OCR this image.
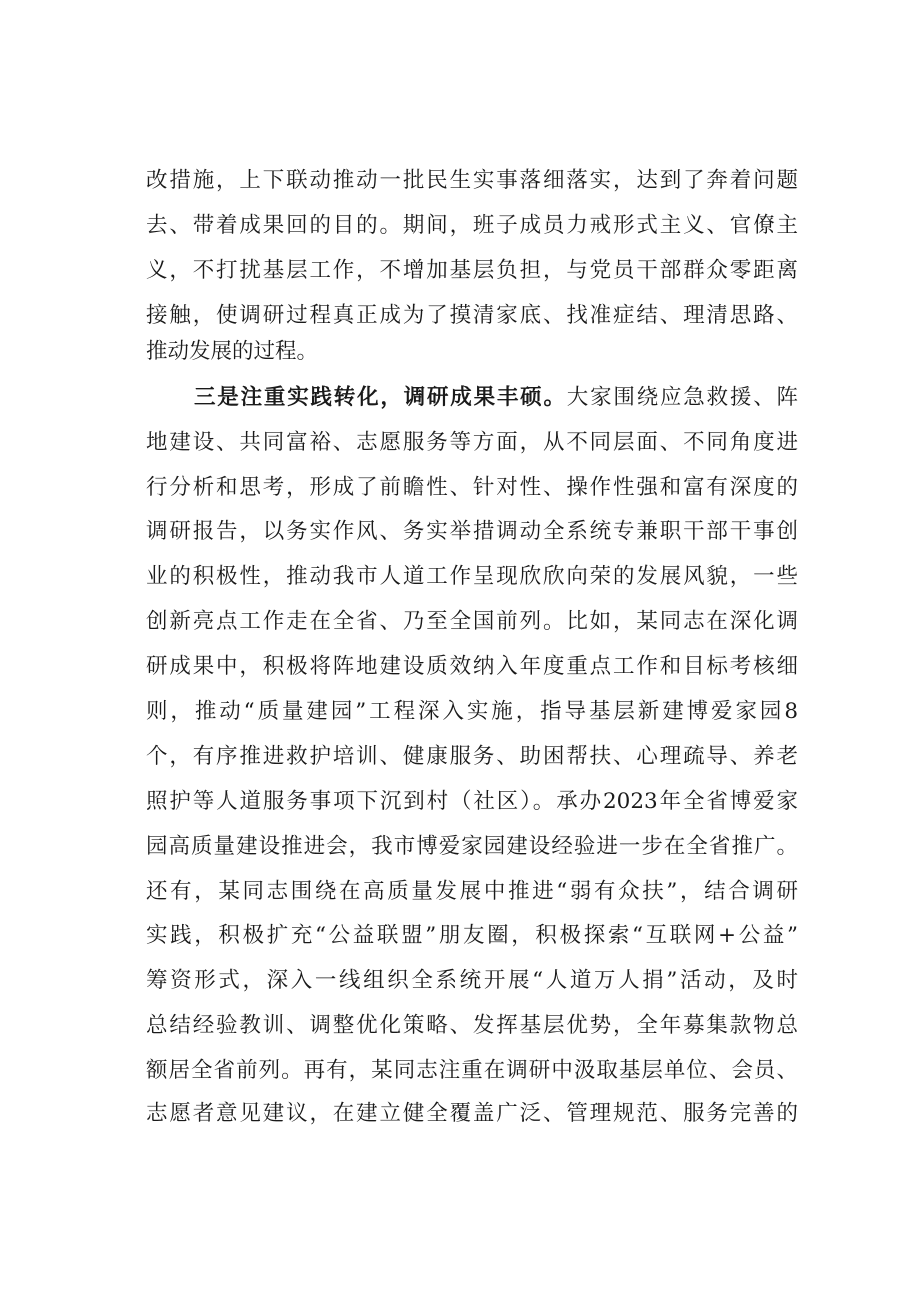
改措施，上下联动推动一批民生实事落细落实，达到了奔着问题
去、带着成果回的目的。期间，班子成员力戒形式主义、官僚主
义，不打扰基层工作，不增加基层负担，与党员干部群众零距离
接触，使调研过程真正成为了摸清家底、找准症结、理清思路、
推动发展的过程。
三是注重实践转化，调研成果丰硕。大家围绕应急救援、阵
地建设、共同富裕、志愿服务等方面，从不同层面、不同角度进
行分析和思考，形成了前瞻性、针对性、操作性强和富有深度的
调研报告，以务实作风、务实举措调动全系统专兼职干部干事创
业的积极性，推动我市人道工作呈现欣欣向荣的发展风貌，一些
创新亮点工作走在全省、乃至全国前列。比如，某同志在深化调
研成果中，积极将阵地建设质效纳入年度重点工作和目标考核细
则，推动“质量建园”工程深入实施，指导基层新建博爱家园8
个，有序推进救护培训、健康服务、助困帮扶、心理疏导、养老
照护等人道服务事项下沉到村（社区）。承办2023年全省博爱家
园高质量建设推进会，我市博爱家园建设经验进一步在全省推广。
还有，某同志围绕在高质量发展中推进“弱有众扶”，结合调研
实践，积极扩充“公益联盟”朋友圈，积极探索“互联网+公益”
筹资形式，深入一线组织全系统开展“人道万人捐”活动，及时
总结经验教训、调整优化策略、发挥基层优势，全年募集款物总
额居全省前列。再有，某同志注重在调研中汲取基层单位、会员、
志愿者意见建议，在建立健全覆盖广泛、管理规范、服务完善的
